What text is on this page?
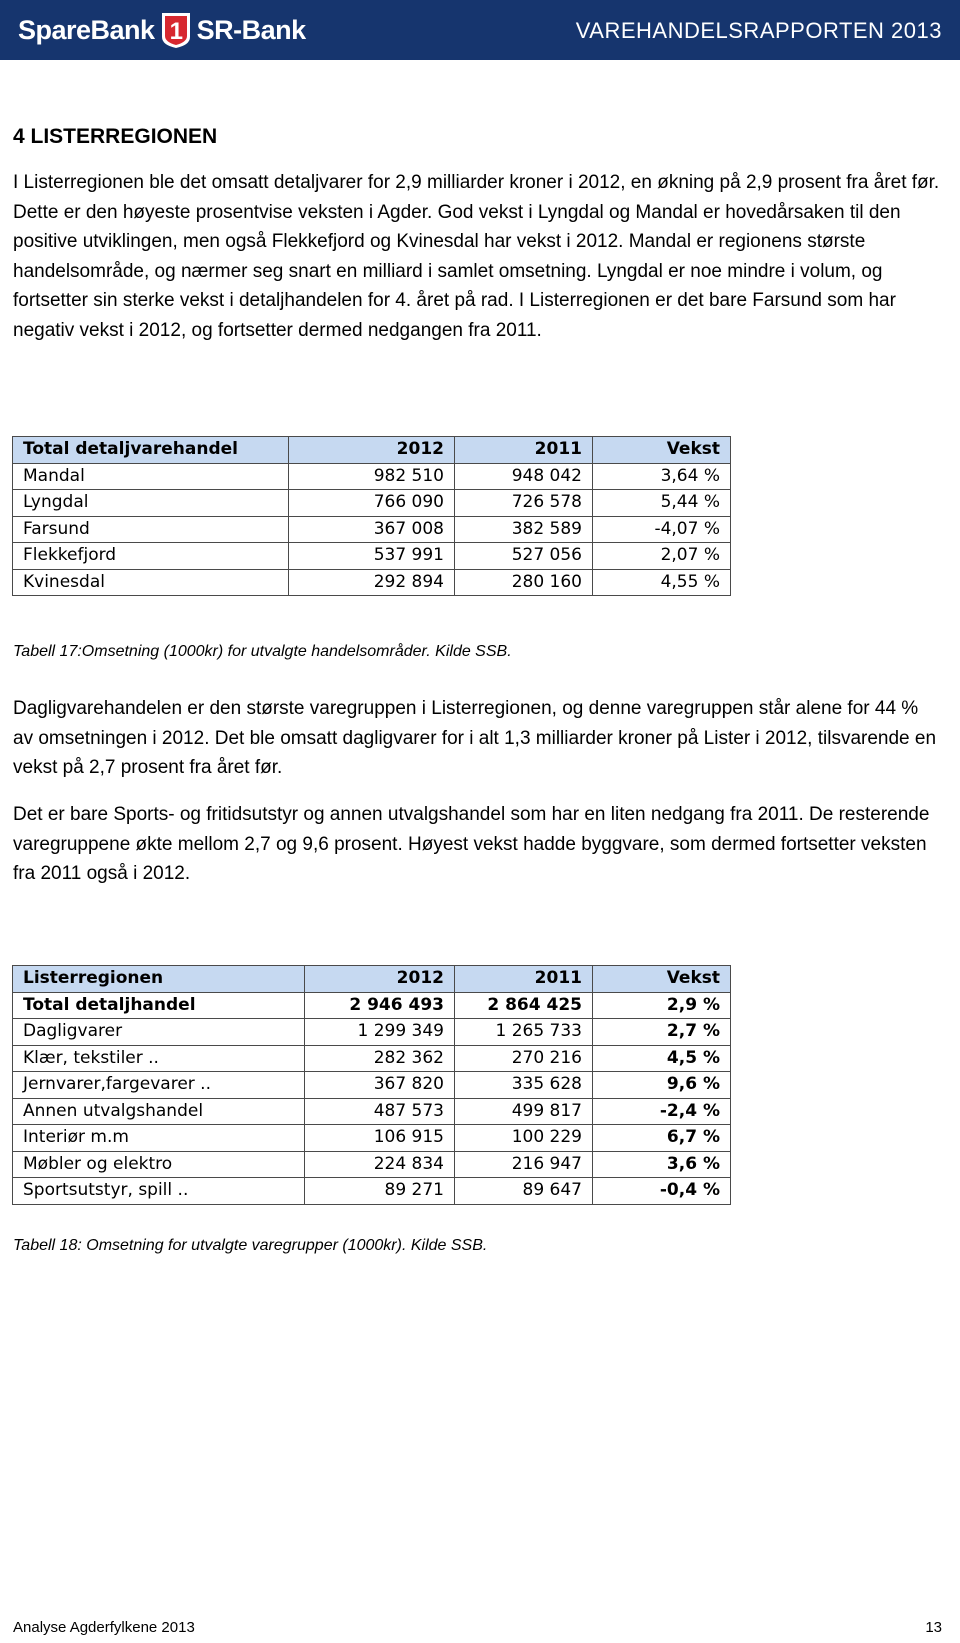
SpareBank 1 SR-Bank	VAREHANDELSRAPPORTEN 2013
4 LISTERREGIONEN

I Listerregionen ble det omsatt detaljvarer for 2,9 milliarder kroner i 2012, en økning på 2,9 prosent fra året før. Dette er den høyeste prosentvise veksten i Agder. God vekst i Lyngdal og Mandal er hovedårsaken til den positive utviklingen, men også Flekkefjord og Kvinesdal har vekst i 2012. Mandal er regionens største handelsområde, og nærmer seg snart en milliard i samlet omsetning. Lyngdal er noe mindre i volum, og fortsetter sin sterke vekst i detaljhandelen for 4. året på rad. I Listerregionen er det bare Farsund som har negativ vekst i 2012, og fortsetter dermed nedgangen fra 2011.

Total detaljvarehandel	2012	2011	Vekst
Mandal	982 510	948 042	3,64 %
Lyngdal	766 090	726 578	5,44 %
Farsund	367 008	382 589	-4,07 %
Flekkefjord	537 991	527 056	2,07 %
Kvinesdal	292 894	280 160	4,55 %

Tabell 17:Omsetning (1000kr) for utvalgte handelsområder. Kilde SSB.

Dagligvarehandelen er den største varegruppen i Listerregionen, og denne varegruppen står alene for 44 % av omsetningen i 2012. Det ble omsatt dagligvarer for i alt 1,3 milliarder kroner på Lister i 2012, tilsvarende en vekst på 2,7 prosent fra året før.

Det er bare Sports- og fritidsutstyr og annen utvalgshandel som har en liten nedgang fra 2011. De resterende varegruppene økte mellom 2,7 og 9,6 prosent. Høyest vekst hadde byggvare, som dermed fortsetter veksten fra 2011 også i 2012.

Listerregionen	2012	2011	Vekst
Total detaljhandel	2 946 493	2 864 425	2,9 %
Dagligvarer	1 299 349	1 265 733	2,7 %
Klær, tekstiler ..	282 362	270 216	4,5 %
Jernvarer,fargevarer ..	367 820	335 628	9,6 %
Annen utvalgshandel	487 573	499 817	-2,4 %
Interiør m.m	106 915	100 229	6,7 %
Møbler og elektro	224 834	216 947	3,6 %
Sportsutstyr, spill ..	89 271	89 647	-0,4 %

Tabell 18: Omsetning for utvalgte varegrupper (1000kr). Kilde SSB.

Analyse Agderfylkene 2013	13
